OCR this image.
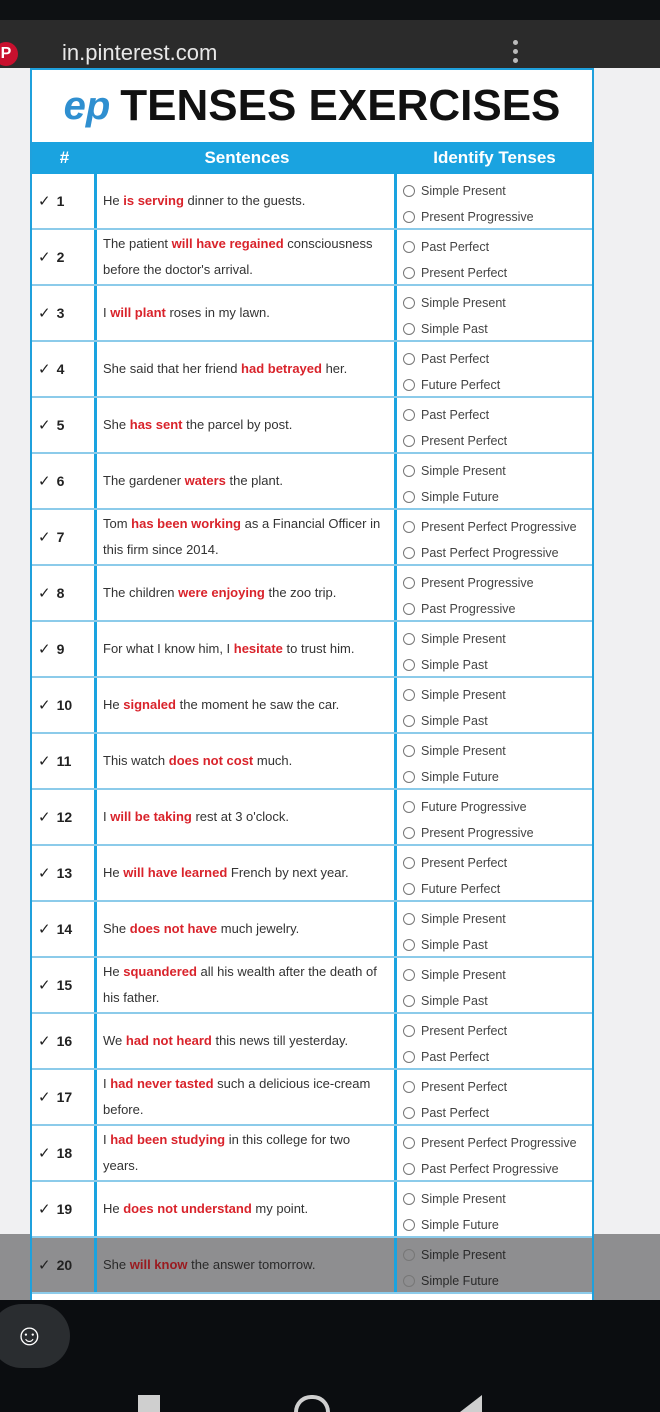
P	in.pinterest.com
ep TENSES EXERCISES
#	Sentences	Identify Tenses
✓ 1	He is serving dinner to the guests.
Simple Present
Present Progressive
✓ 2
The patient will have regained consciousness before the doctor's arrival.
Past Perfect
Present Perfect
✓ 3	I will plant roses in my lawn.
Simple Present
Simple Past
✓ 4	She said that her friend had betrayed her.
Past Perfect
Future Perfect
✓ 5	She has sent the parcel by post.
Past Perfect
Present Perfect
✓ 6	The gardener waters the plant.
Simple Present
Simple Future
✓ 7
Tom has been working as a Financial Officer in this firm since 2014.
Present Perfect Progressive
Past Perfect Progressive
✓ 8	The children were enjoying the zoo trip.
Present Progressive
Past Progressive
✓ 9	For what I know him, I hesitate to trust him.
Simple Present
Simple Past
✓ 10 He signaled the moment he saw the car.
Simple Present
Simple Past
✓ 11 This watch does not cost much.
Simple Present
Simple Future
✓ 12 I will be taking rest at 3 o'clock.
Future Progressive
Present Progressive
✓ 13 He will have learned French by next year.
Present Perfect
Future Perfect
✓ 14 She does not have much jewelry.
Simple Present
Simple Past
✓ 15
He squandered all his wealth after the death of his father.
Simple Present
Simple Past
✓ 16 We had not heard this news till yesterday.
Present Perfect
Past Perfect
✓ 17
I had never tasted such a delicious ice-cream before.
Present Perfect
Past Perfect
✓ 18
I had been studying in this college for two years.
Present Perfect Progressive
Past Perfect Progressive
✓ 19 He does not understand my point.
Simple Present
Simple Future
✓ 20 She will know the answer tomorrow.
Simple Present
Simple Future
☺
